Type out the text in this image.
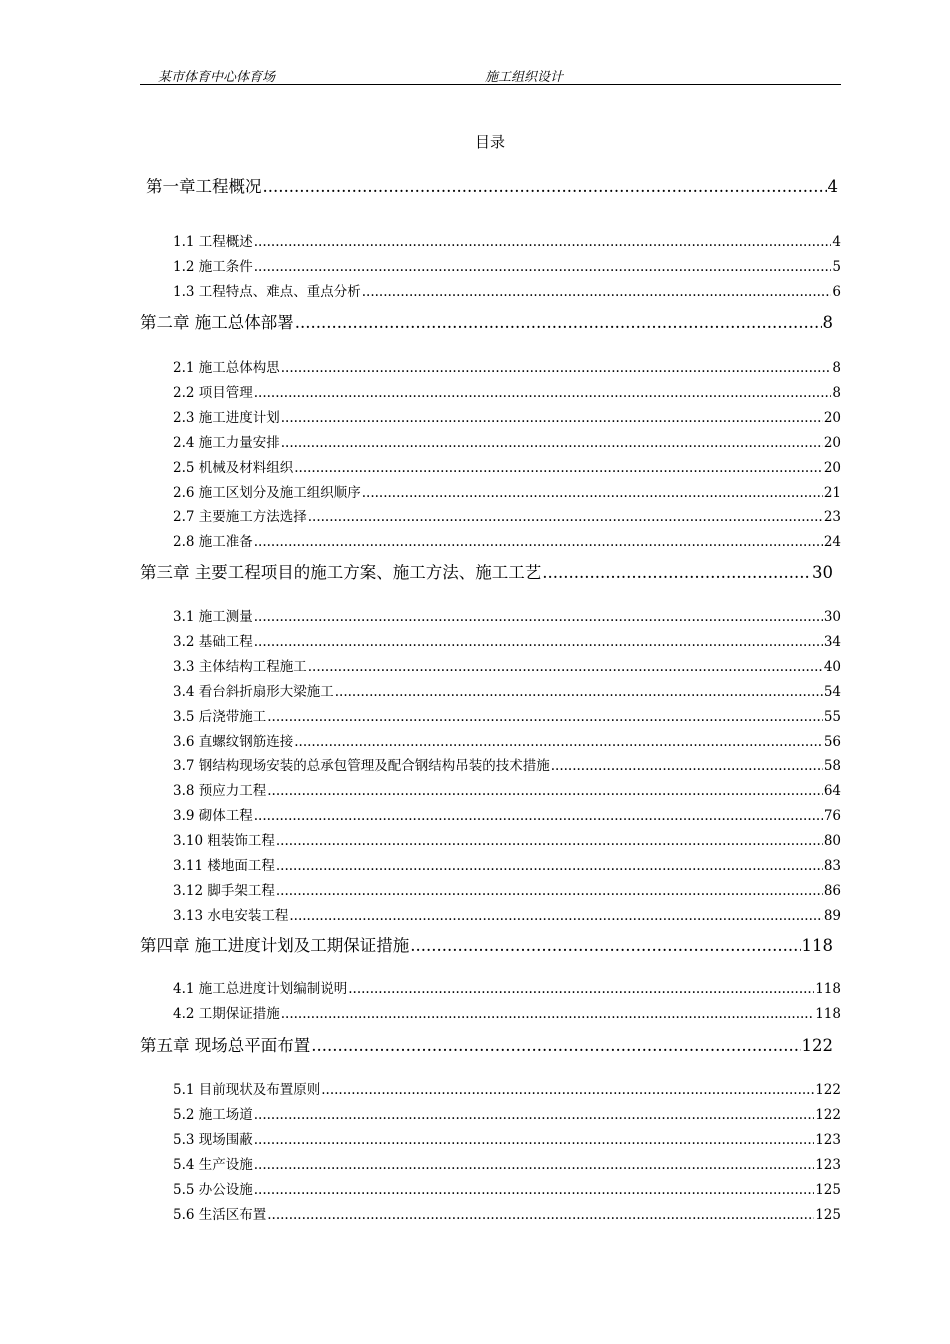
某市体育中心体育场	施工组织设计
目录
第一章工程概况 .....	4
1.1 工程概述 .....	4
1.2 施工条件 .....	5
1.3 工程特点、难点、重点分析 .....	6
第二章 施工总体部署 .....	8
2.1 施工总体构思 .....	8
2.2 项目管理 .....	8
2.3 施工进度计划 .....	20
2.4 施工力量安排 .....	20
2.5 机械及材料组织 .....	20
2.6 施工区划分及施工组织顺序 .....	21
2.7 主要施工方法选择 .....	23
2.8 施工准备 .....	24
第三章 主要工程项目的施工方案、施工方法、施工工艺 .....	30
3.1 施工测量 .....	30
3.2 基础工程 .....	34
3.3 主体结构工程施工 .....	40
3.4 看台斜折扇形大梁施工 .....	54
3.5 后浇带施工 .....	55
3.6 直螺纹钢筋连接 .....	56
3.7 钢结构现场安装的总承包管理及配合钢结构吊装的技术措施 .....	58
3.8 预应力工程 .....	64
3.9 砌体工程 .....	76
3.10 粗装饰工程 .....	80
3.11 楼地面工程 .....	83
3.12 脚手架工程 .....	86
3.13 水电安装工程 .....	89
第四章 施工进度计划及工期保证措施 .....	118
4.1 施工总进度计划编制说明 .....	118
4.2 工期保证措施 .....	118
第五章 现场总平面布置 .....	122
5.1 目前现状及布置原则 .....	122
5.2 施工场道 .....	122
5.3 现场围蔽 .....	123
5.4 生产设施 .....	123
5.5 办公设施 .....	125
5.6 生活区布置 .....	125
